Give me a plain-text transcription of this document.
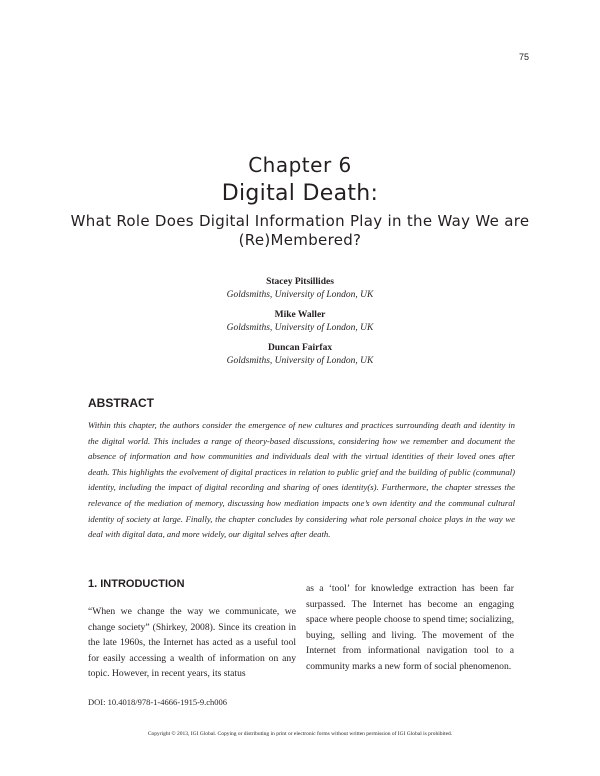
75
Chapter 6
Digital Death:
What Role Does Digital Information Play in the Way We are (Re)Membered?
Stacey Pitsillides
Goldsmiths, University of London, UK
Mike Waller
Goldsmiths, University of London, UK
Duncan Fairfax
Goldsmiths, University of London, UK
ABSTRACT
Within this chapter, the authors consider the emergence of new cultures and practices surrounding death and identity in the digital world. This includes a range of theory-based discussions, considering how we remember and document the absence of information and how communities and individuals deal with the virtual identities of their loved ones after death. This highlights the evolvement of digital practices in relation to public grief and the building of public (communal) identity, including the impact of digital recording and sharing of ones identity(s). Furthermore, the chapter stresses the relevance of the mediation of memory, discussing how mediation impacts one’s own identity and the communal cultural identity of society at large. Finally, the chapter concludes by considering what role personal choice plays in the way we deal with digital data, and more widely, our digital selves after death.
1. INTRODUCTION
“When we change the way we communicate, we change society” (Shirkey, 2008). Since its creation in the late 1960s, the Internet has acted as a useful tool for easily accessing a wealth of information on any topic. However, in recent years, its status
as a ‘tool’ for knowledge extraction has been far surpassed. The Internet has become an engaging space where people choose to spend time; socializing, buying, selling and living. The movement of the Internet from informational navigation tool to a community marks a new form of social phenomenon.
DOI: 10.4018/978-1-4666-1915-9.ch006
Copyright © 2013, IGI Global. Copying or distributing in print or electronic forms without written permission of IGI Global is prohibited.
